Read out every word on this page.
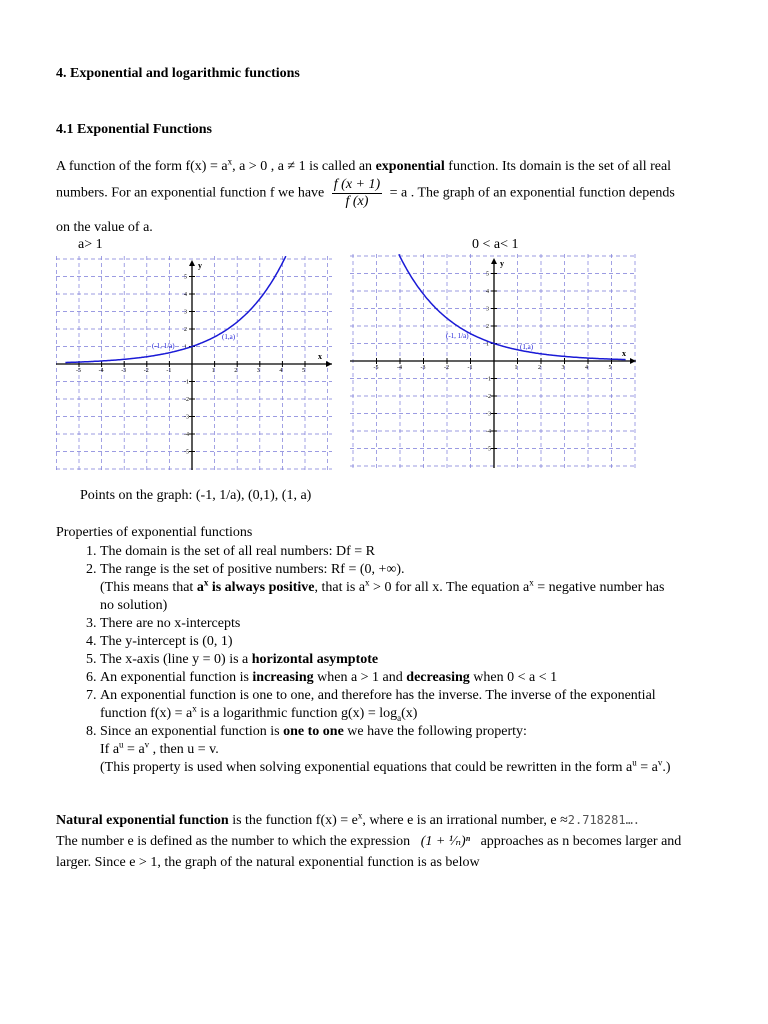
4. Exponential and logarithmic functions
4.1 Exponential Functions
A function of the form $f(x) = a^x$, a > 0 , a ≠ 1 is called an exponential function. Its domain is the set of all real
numbers. For an exponential function f we have $\frac{f (x + 1)}{f (x)} = a$ . The graph of an exponential function depends
on the value of a.
a> 1	0 < a< 1
-5
-5
-4
-4
-3
-3
-2
-2
-1
-1
1
1
2
2
3
3
4
4
5
5
(-1, 1/a)
(1,a)
x
y
-5
-5
-4
-4
-3
-3
-2
-2
-1
-1
1
1
2
2
3
3
4
4
5
5
(-1, 1/a)
(1,a)
x
y
Points on the graph: (-1, 1/a), (0,1), (1, a)
Properties of exponential functions
1. The domain is the set of all real numbers: Df = R
2. The range is the set of positive numbers: Rf = (0, +∞).
(This means that $a^x$ is always positive, that is $a^x > 0$ for all x. The equation $a^x$ = negative number has
no solution)
3. There are no x-intercepts
4. The y-intercept is (0, 1)
5. The x-axis (line y = 0) is a horizontal asymptote
6. An exponential function is increasing when a > 1 and decreasing when 0 < a < 1
7. An exponential function is one to one, and therefore has the inverse. The inverse of the exponential
function $f(x) = a^x$ is a logarithmic function $g(x) = \log_a(x)$
8. Since an exponential function is one to one we have the following property:
If $a^u = a^v$ , then u = v.
(This property is used when solving exponential equations that could be rewritten in the form $a^u = a^v$.)
Natural exponential function is the function $f(x) = e^x$, where e is an irrational number, e ≈2.718281….
The number e is defined as the number to which the expression (1 + ¹⁄ₙ)ⁿ approaches as n becomes larger and
larger. Since e > 1, the graph of the natural exponential function is as below
